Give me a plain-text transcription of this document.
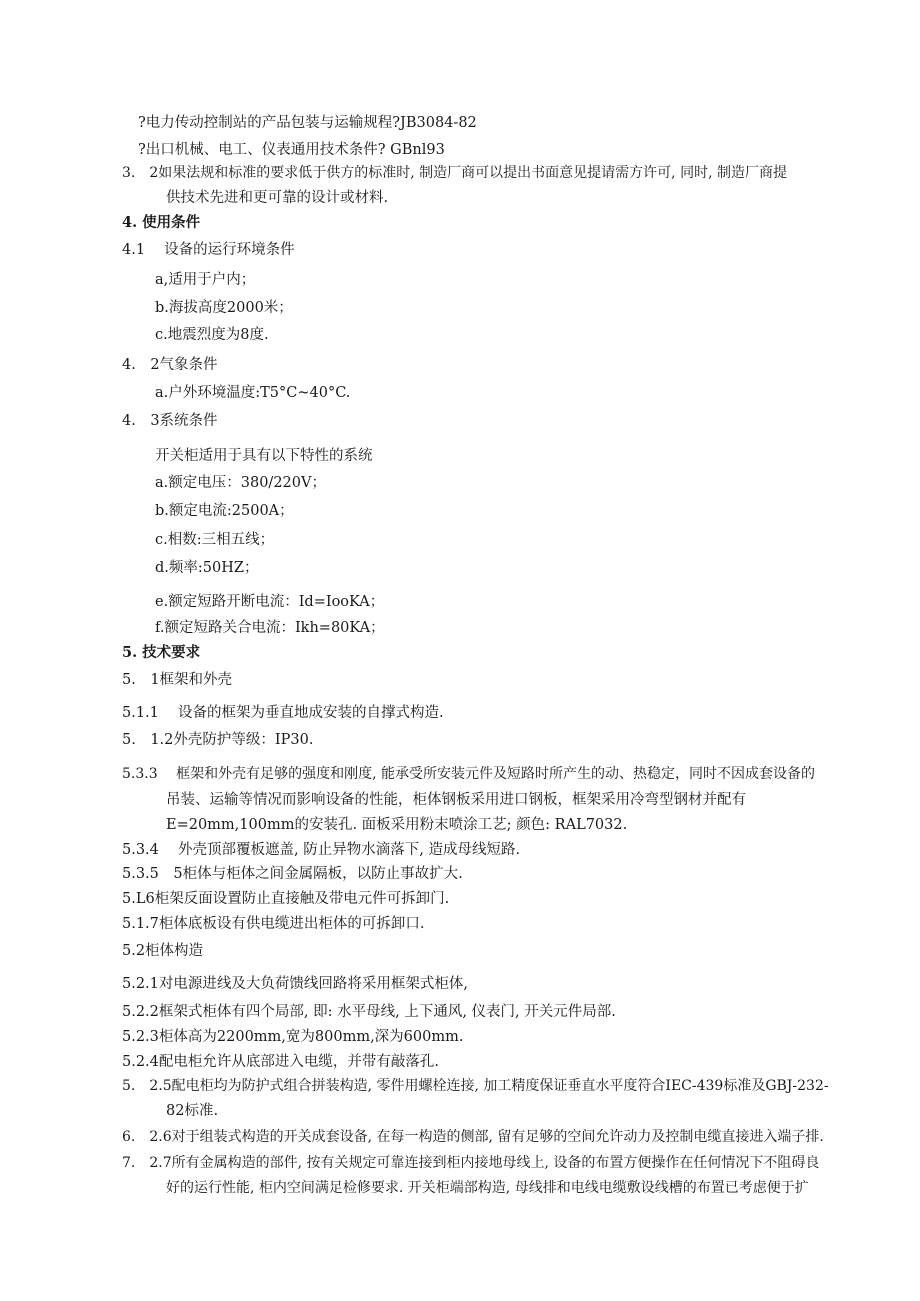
?电力传动控制站的产品包装与运输规程?JB3084-82
?出口机械、电工、仪表通用技术条件? GBnl93
3.　2如果法规和标准的要求低于供方的标准时, 制造厂商可以提出书面意见提请需方许可, 同时, 制造厂商提
供技术先进和更可靠的设计或材料.
4. 使用条件
4.1　 设备的运行环境条件
a,适用于户内；
b.海拔高度2000米；
c.地震烈度为8度.
4.　2气象条件
a.户外环境温度:T5°C~40°C.
4.　3系统条件
开关柜适用于具有以下特性的系统
a.额定电压：380/220V；
b.额定电流:2500A；
c.相数:三相五线；
d.频率:50HZ；
e.额定短路开断电流：Id=IooKA；
f.额定短路关合电流：Ikh=80KA；
5. 技术要求
5.　1框架和外壳
5.1.1　 设备的框架为垂直地成安装的自撑式构造.
5.　1.2外壳防护等级：IP30.
5.3.3　 框架和外壳有足够的强度和刚度, 能承受所安装元件及短路时所产生的动、热稳定，同时不因成套设备的
吊装、运输等情况而影响设备的性能，柜体钢板采用进口钢板，框架采用冷弯型钢材并配有
E=20mm,100mm的安装孔. 面板采用粉末喷涂工艺; 颜色: RAL7032.
5.3.4　 外壳顶部覆板遮盖, 防止异物水滴落下, 造成母线短路.
5.3.5　5柜体与柜体之间金属隔板，以防止事故扩大.
5.L6柜架反面设置防止直接触及带电元件可拆卸门.
5.1.7柜体底板设有供电缆进出柜体的可拆卸口.
5.2柜体构造
5.2.1对电源进线及大负荷馈线回路将采用框架式柜体,
5.2.2框架式柜体有四个局部, 即: 水平母线, 上下通风, 仪表门, 开关元件局部.
5.2.3柜体高为2200mm,宽为800mm,深为600mm.
5.2.4配电柜允许从底部进入电缆，并带有敲落孔.
5.　2.5配电柜均为防护式组合拼装构造, 零件用螺栓连接, 加工精度保证垂直水平度符合IEC-439标准及GBJ-232-
82标准.
6.　2.6对于组装式构造的开关成套设备, 在每一构造的侧部, 留有足够的空间允许动力及控制电缆直接进入端子排.
7.　2.7所有金属构造的部件, 按有关规定可靠连接到柜内接地母线上, 设备的布置方便操作在任何情况下不阻碍良
好的运行性能, 柜内空间满足检修要求. 开关柜端部构造, 母线排和电线电缆敷设线槽的布置已考虑便于扩
